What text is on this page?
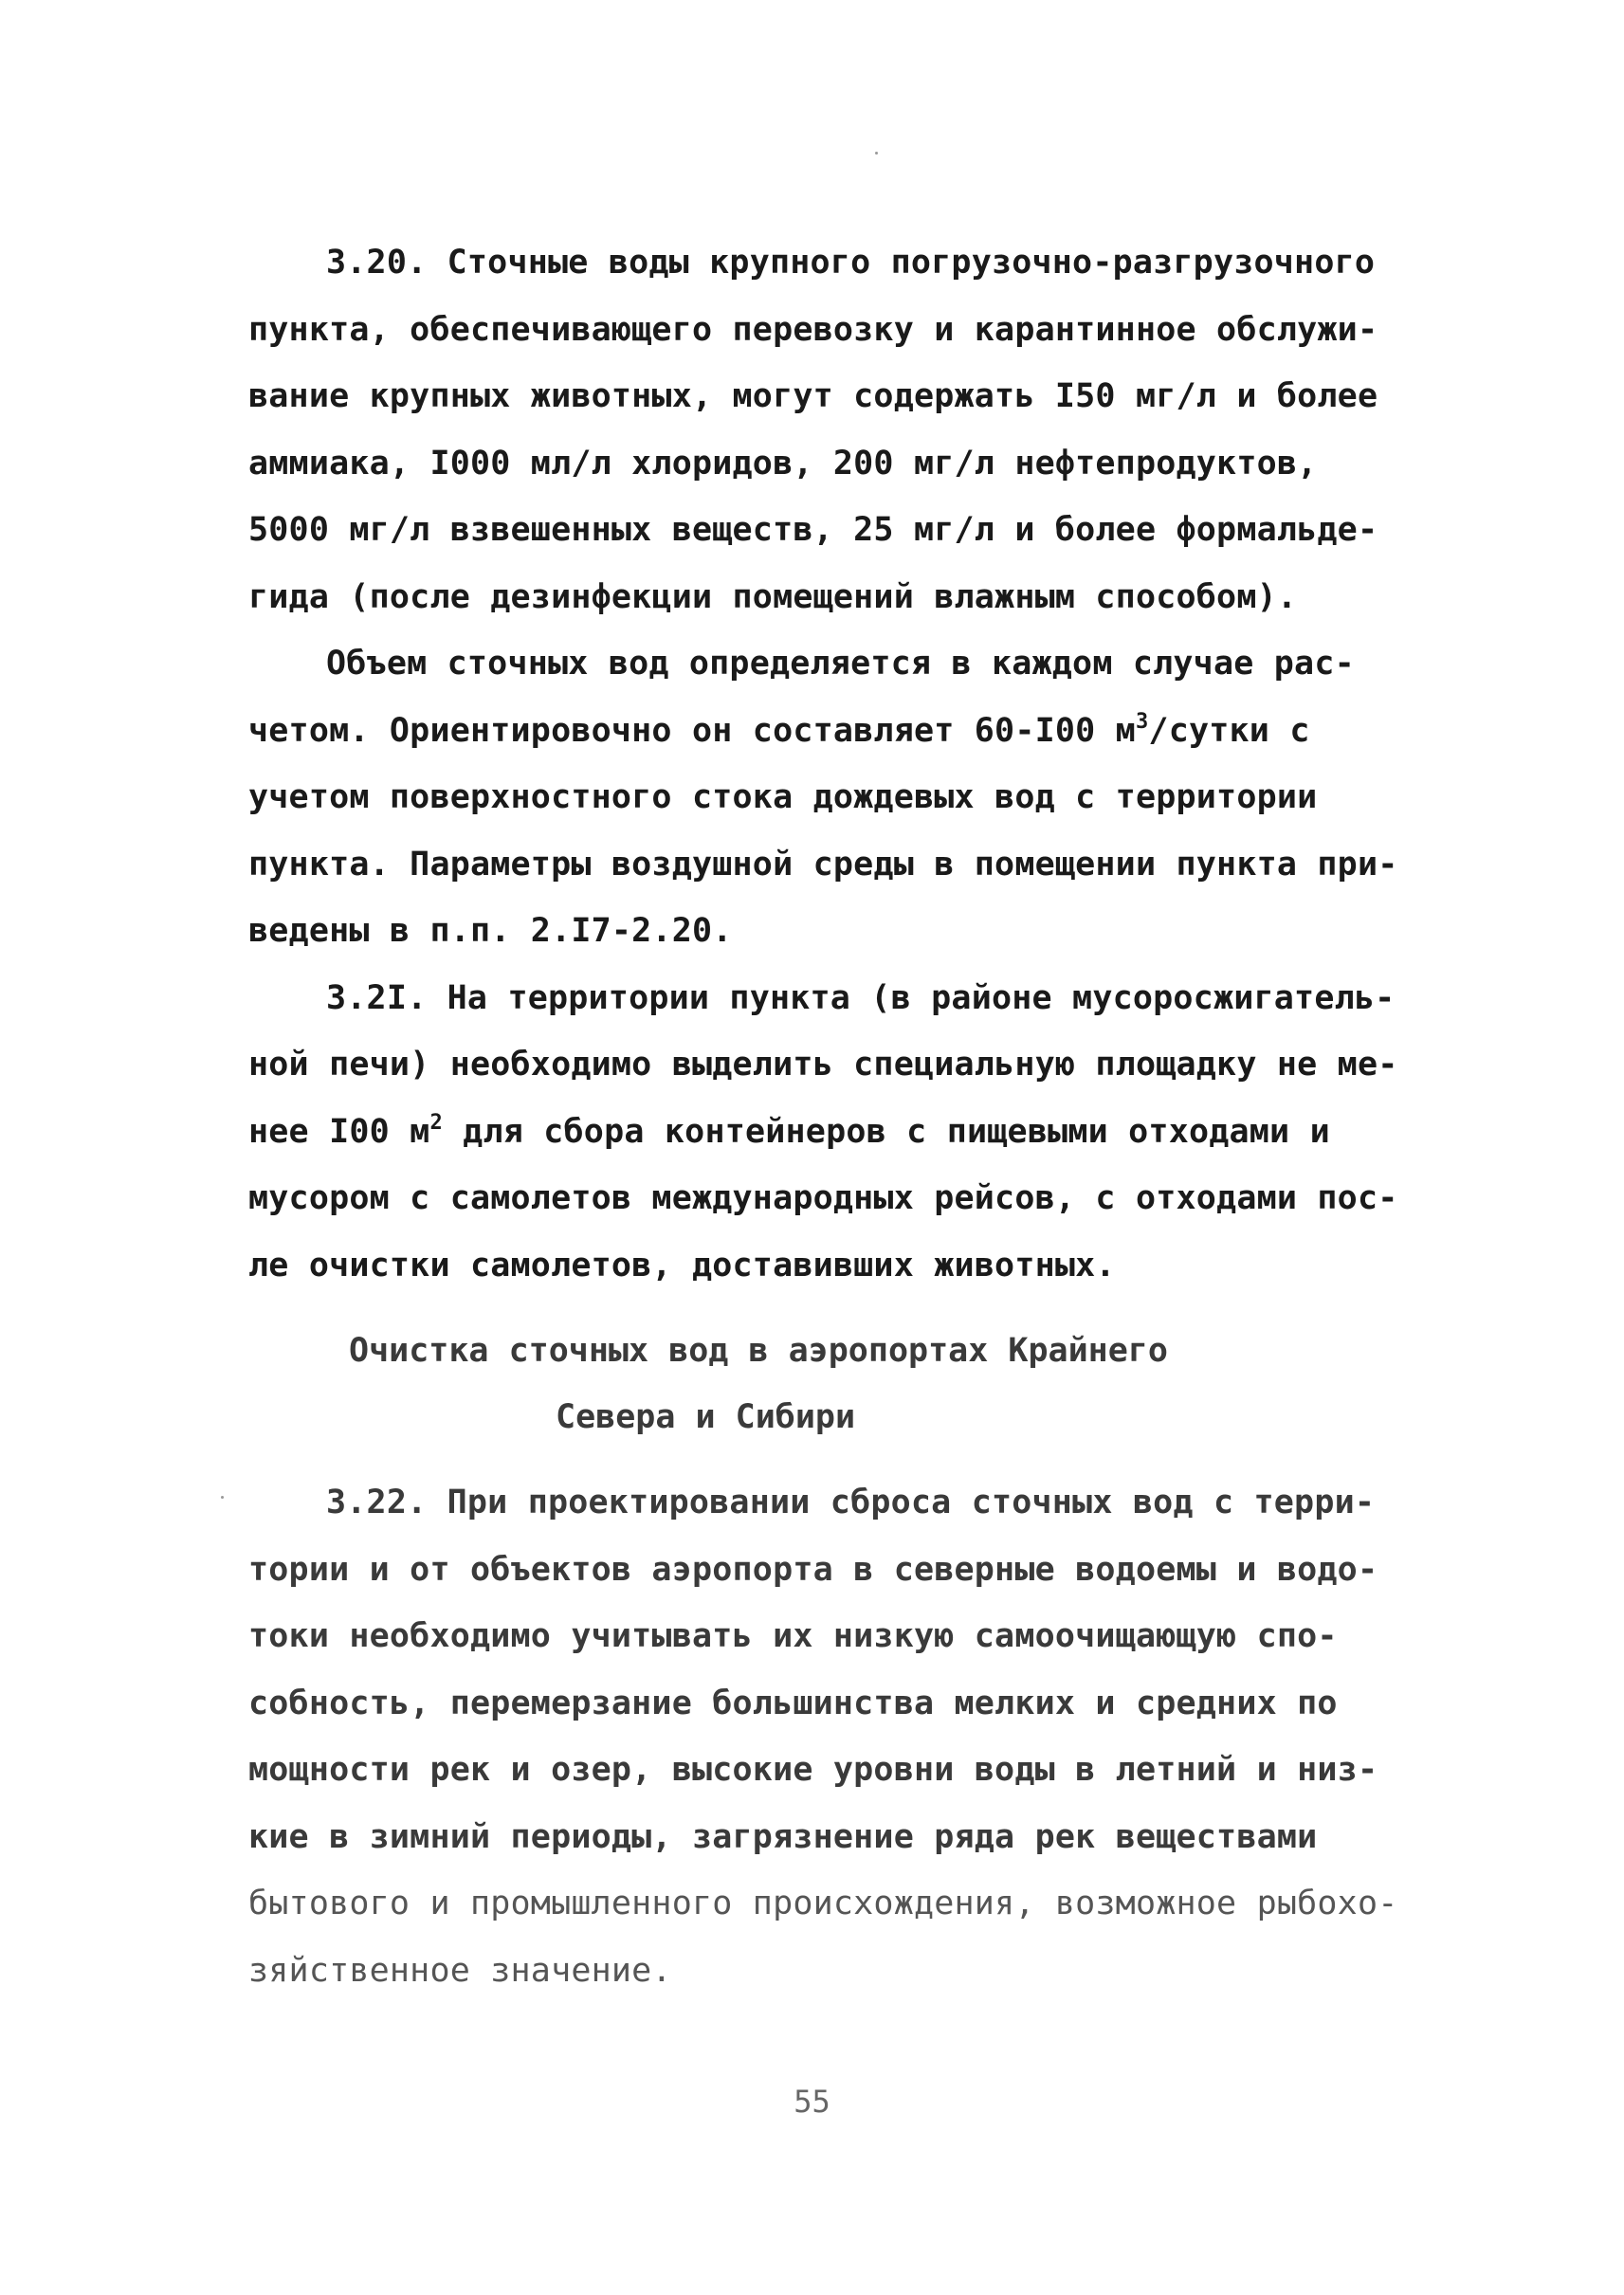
3.20. Сточные воды крупного погрузочно-разгрузочного
пункта, обеспечивающего перевозку и карантинное обслужи-
вание крупных животных, могут содержать I50 мг/л и более
аммиака, I000 мл/л хлоридов, 200 мг/л нефтепродуктов,
5000 мг/л взвешенных веществ, 25 мг/л и более формальде-
гида (после дезинфекции помещений влажным способом).
Объем сточных вод определяется в каждом случае рас-
четом. Ориентировочно он составляет 60-I00 $м^3$/сутки с
учетом поверхностного стока дождевых вод с территории
пункта. Параметры воздушной среды в помещении пункта при-
ведены в п.п. 2.I7-2.20.
3.2I. На территории пункта (в районе мусоросжигатель-
ной печи) необходимо выделить специальную площадку не ме-
нее I00 $м^2$ для сбора контейнеров с пищевыми отходами и
мусором с самолетов международных рейсов, с отходами пос-
ле очистки самолетов, доставивших животных.
Очистка сточных вод в аэропортах Крайнего
Севера и Сибири
3.22. При проектировании сброса сточных вод с терри-
тории и от объектов аэропорта в северные водоемы и водо-
токи необходимо учитывать их низкую самоочищающую спо-
собность, перемерзание большинства мелких и средних по
мощности рек и озер, высокие уровни воды в летний и низ-
кие в зимний периоды, загрязнение ряда рек веществами
бытового и промышленного происхождения, возможное рыбохо-
зяйственное значение.
55
